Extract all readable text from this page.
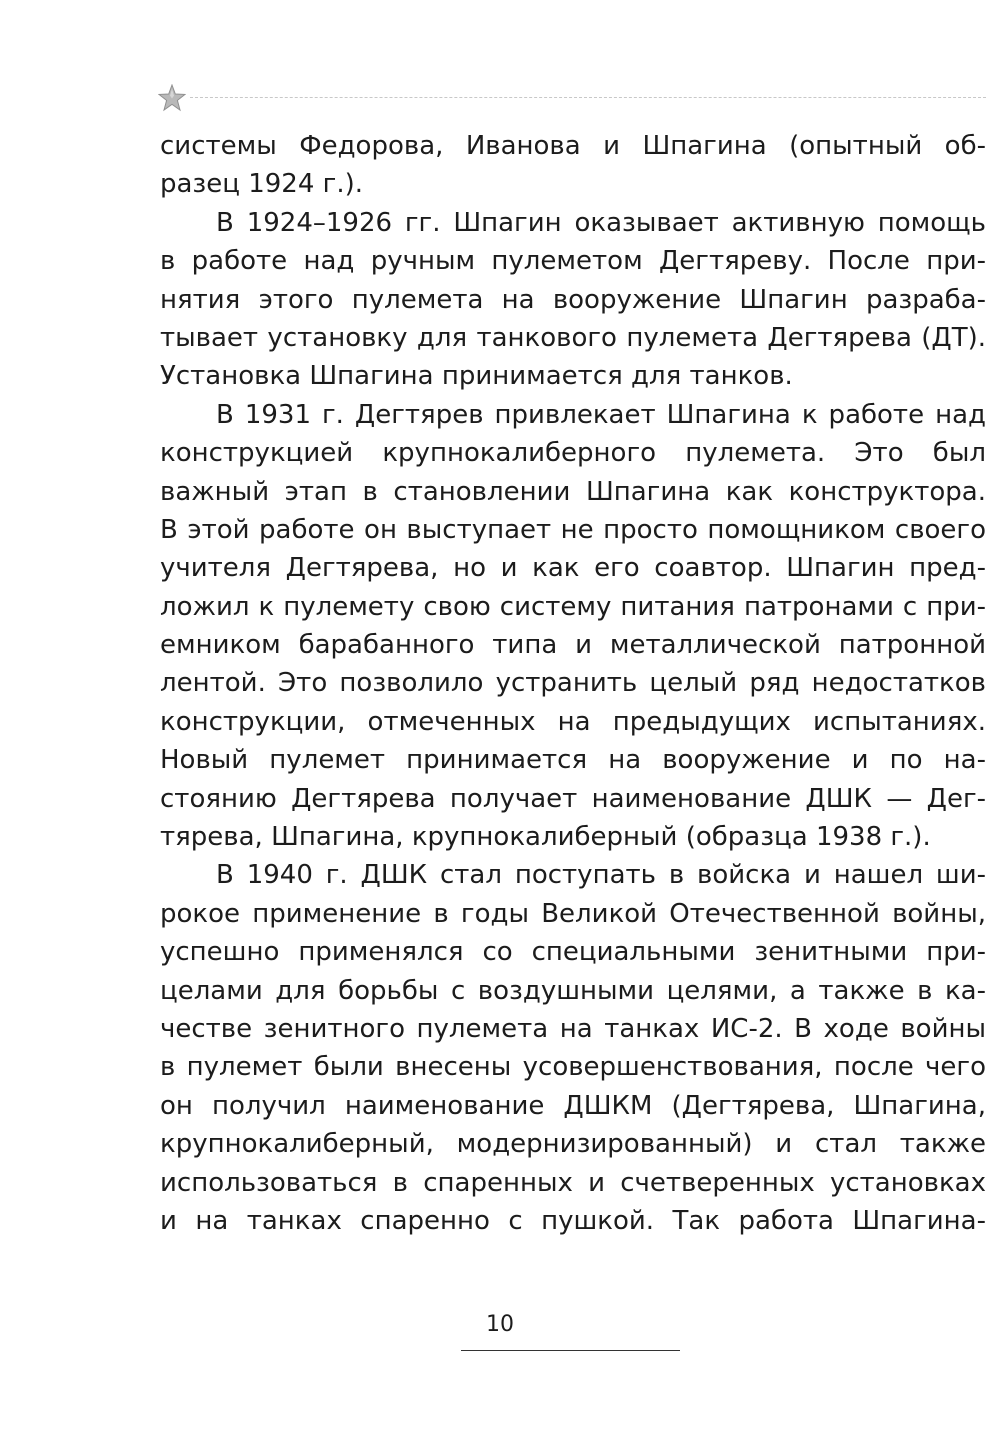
системы Федорова, Иванова и Шпагина (опытный об-
разец 1924 г.).
В 1924–1926 гг. Шпагин оказывает активную помощь
в работе над ручным пулеметом Дегтяреву. После при-
нятия этого пулемета на вооружение Шпагин разраба-
тывает установку для танкового пулемета Дегтярева (ДТ).
Установка Шпагина принимается для танков.
В 1931 г. Дегтярев привлекает Шпагина к работе над
конструкцией крупнокалиберного пулемета. Это был
важный этап в становлении Шпагина как конструктора.
В этой работе он выступает не просто помощником своего
учителя Дегтярева, но и как его соавтор. Шпагин пред-
ложил к пулемету свою систему питания патронами с при-
емником барабанного типа и металлической патронной
лентой. Это позволило устранить целый ряд недостатков
конструкции, отмеченных на предыдущих испытаниях.
Новый пулемет принимается на вооружение и по на-
стоянию Дегтярева получает наименование ДШК — Дег-
тярева, Шпагина, крупнокалиберный (образца 1938 г.).
В 1940 г. ДШК стал поступать в войска и нашел ши-
рокое применение в годы Великой Отечественной войны,
успешно применялся со специальными зенитными при-
целами для борьбы с воздушными целями, а также в ка-
честве зенитного пулемета на танках ИС-2. В ходе войны
в пулемет были внесены усовершенствования, после чего
он получил наименование ДШКМ (Дегтярева, Шпагина,
крупнокалиберный, модернизированный) и стал также
использоваться в спаренных и счетверенных установках
и на танках спаренно с пушкой. Так работа Шпагина-
10
